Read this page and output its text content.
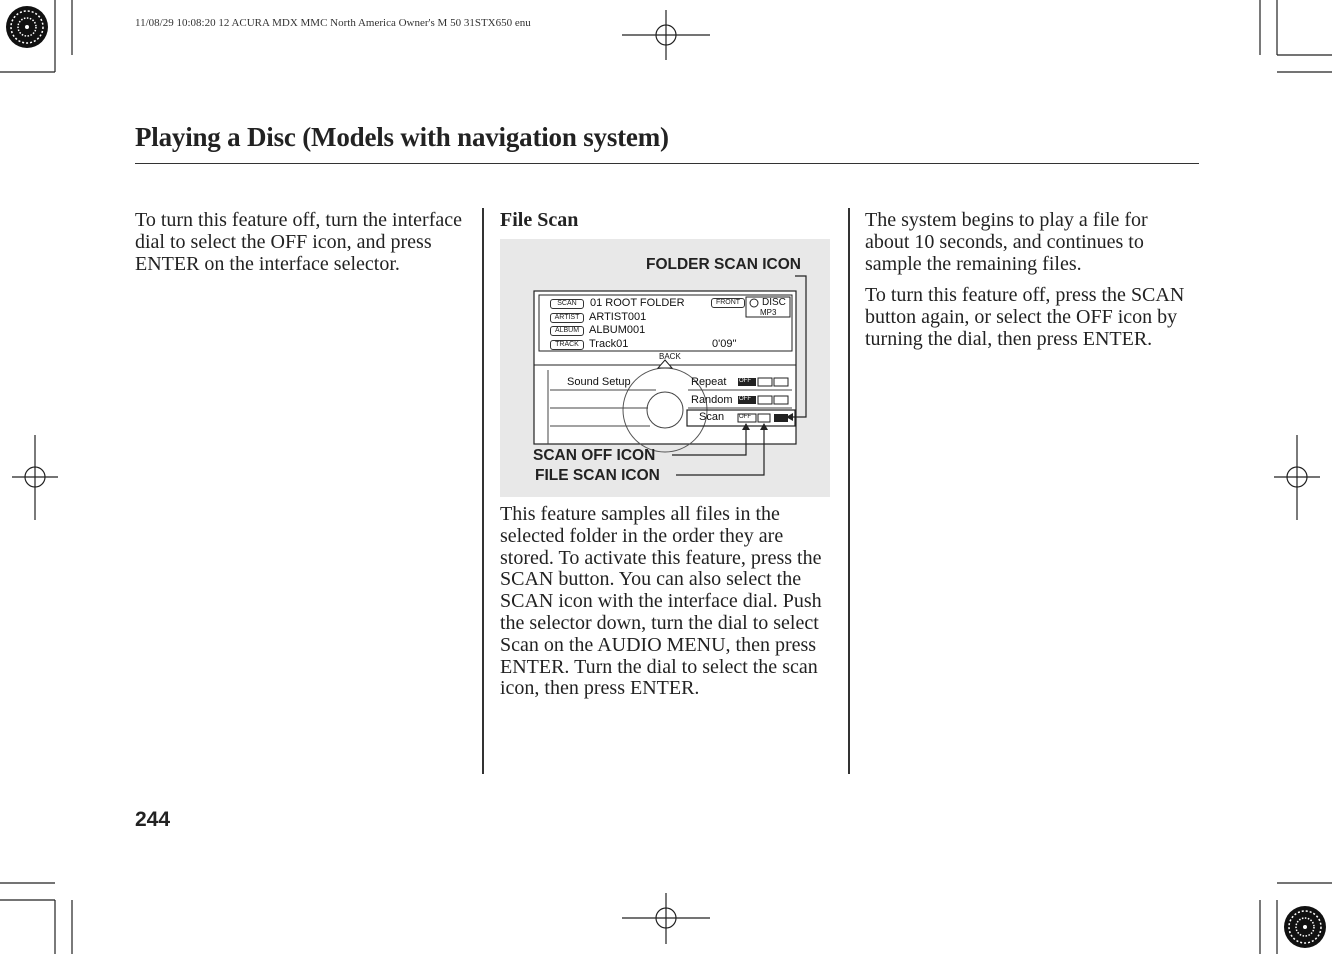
11/08/29 10:08:20 12 ACURA MDX MMC North America Owner's M 50 31STX650 enu
Playing a Disc (Models with navigation system)
To turn this feature off, turn the interface dial to select the OFF icon, and press ENTER on the interface selector.
File Scan
SCAN
ARTIST
ALBUM
TRACK
01 ROOT FOLDER
ARTIST001
ALBUM001
Track01
FRONT	DISC
MP3
0'09''
BACK
Sound Setup	Repeat
Random
Scan
OFF
OFF
OFF
FOLDER SCAN ICON
SCAN OFF ICON
FILE SCAN ICON
This feature samples all files in the selected folder in the order they are stored. To activate this feature, press the SCAN button. You can also select the SCAN icon with the interface dial. Push the selector down, turn the dial to select Scan on the AUDIO MENU, then press ENTER. Turn the dial to select the scan icon, then press ENTER.

The system begins to play a file for about 10 seconds, and continues to sample the remaining files.

To turn this feature off, press the SCAN button again, or select the OFF icon by turning the dial, then press ENTER.

244
